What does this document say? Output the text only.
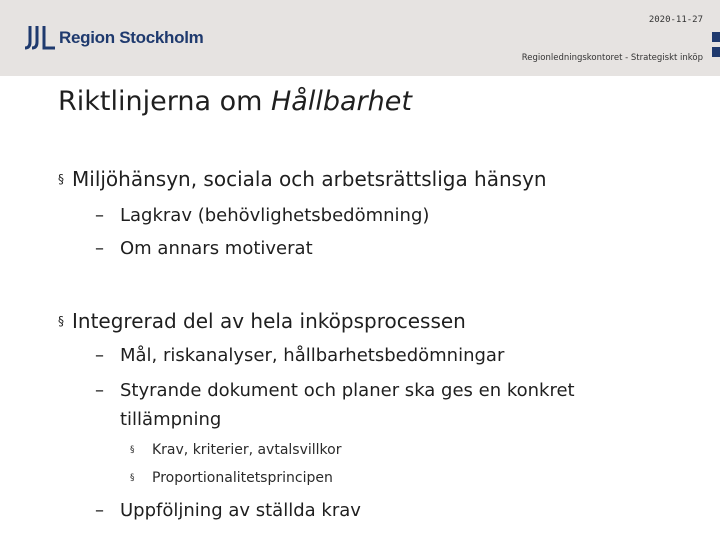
Region Stockholm
2020-11-27
Regionledningskontoret - Strategiskt inköp
Riktlinjerna om Hållbarhet
§ Miljöhänsyn, sociala och arbetsrättsliga hänsyn
– Lagkrav (behövlighetsbedömning)
– Om annars motiverat
§ Integrerad del av hela inköpsprocessen
– Mål, riskanalyser, hållbarhetsbedömningar
– Styrande dokument och planer ska ges en konkret
tillämpning
§ Krav, kriterier, avtalsvillkor
§ Proportionalitetsprincipen
– Uppföljning av ställda krav
